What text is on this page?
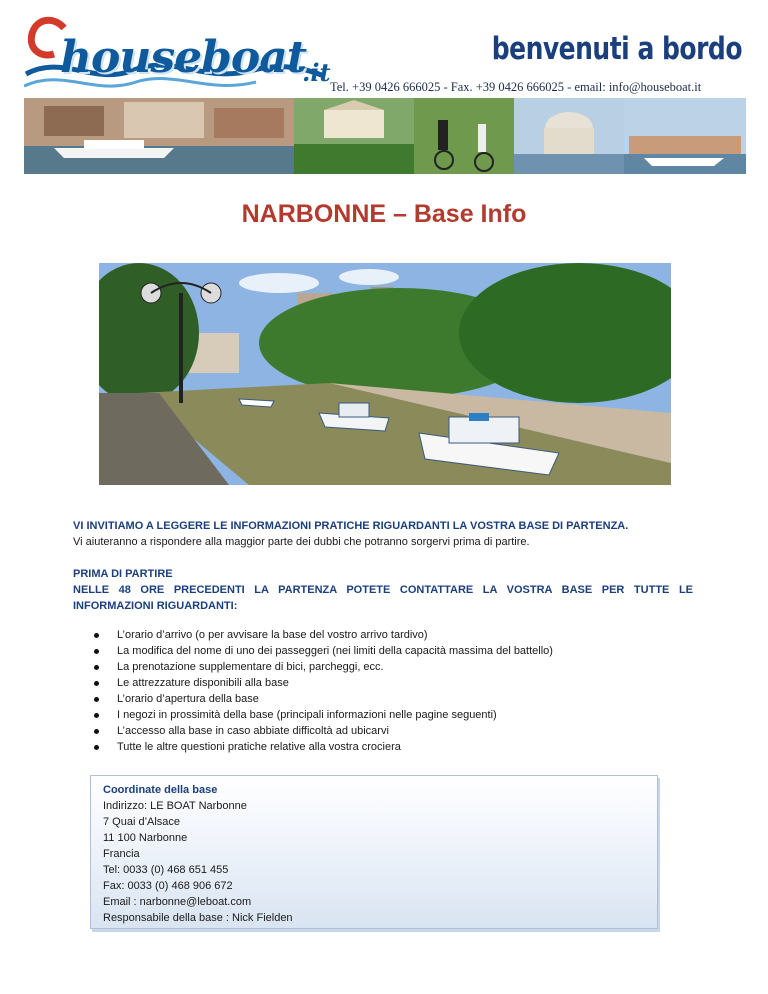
houseboat
.it
benvenuti a bordo
Tel. +39 0426 666025 - Fax. +39 0426 666025 - email: info@houseboat.it
NARBONNE – Base Info
VI INVITIAMO A LEGGERE LE INFORMAZIONI PRATICHE RIGUARDANTI LA VOSTRA BASE DI PARTENZA.
Vi aiuteranno a rispondere alla maggior parte dei dubbi che potranno sorgervi prima di partire.
PRIMA DI PARTIRE
NELLE 48 ORE PRECEDENTI LA PARTENZA POTETE CONTATTARE LA VOSTRA BASE PER TUTTE LE
INFORMAZIONI RIGUARDANTI:
L’orario d’arrivo (o per avvisare la base del vostro arrivo tardivo)
La modifica del nome di uno dei passeggeri (nei limiti della capacità massima del battello)
La prenotazione supplementare di bici, parcheggi, ecc.
Le attrezzature disponibili alla base
L’orario d’apertura della base
I negozi in prossimità della base (principali informazioni nelle pagine seguenti)
L’accesso alla base in caso abbiate difficoltà ad ubicarvi
Tutte le altre questioni pratiche relative alla vostra crociera
Coordinate della base
Indirizzo: LE BOAT Narbonne
7 Quai d’Alsace
11 100 Narbonne
Francia
Tel: 0033 (0) 468 651 455
Fax: 0033 (0) 468 906 672
Email : narbonne@leboat.com
Responsabile della base : Nick Fielden
